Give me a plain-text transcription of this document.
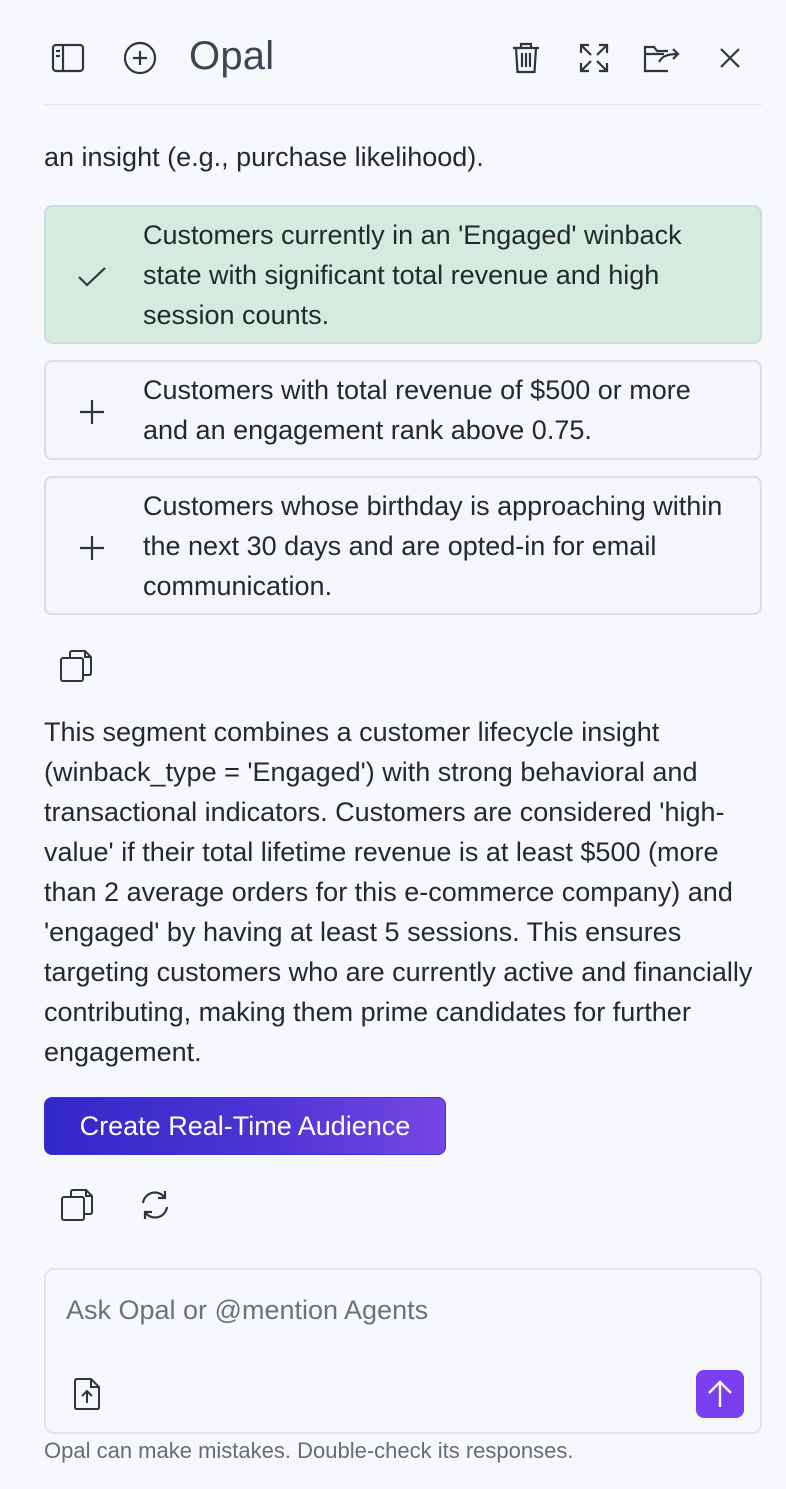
Opal
an insight (e.g., purchase likelihood).
Customers currently in an 'Engaged' winback state with significant total revenue and high session counts.
Customers with total revenue of $500 or more and an engagement rank above 0.75.
Customers whose birthday is approaching within the next 30 days and are opted-in for email communication.
This segment combines a customer lifecycle insight (winback_type = 'Engaged') with strong behavioral and transactional indicators. Customers are considered 'high-value' if their total lifetime revenue is at least $500 (more than 2 average orders for this e-commerce company) and 'engaged' by having at least 5 sessions. This ensures targeting customers who are currently active and financially contributing, making them prime candidates for further engagement.
Create Real-Time Audience
Ask Opal or @mention Agents
Opal can make mistakes. Double-check its responses.
